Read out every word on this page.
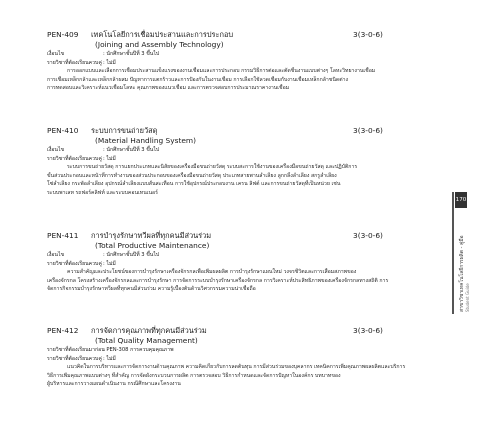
PEN-409 เทคโนโลยีการเชื่อมประสานและการประกอบ	3(3-0-6)
(Joining and Assembly Technology)
เงื่อนไข	: นักศึกษาชั้นปีที่ 3 ขึ้นไป
รายวิชาที่ต้องเรียนควบคู่ : ไม่มี

การออกแบบและเลือกการเชื่อมประสานแข็งแรงของงานเชื่อมและการประกอบ กรรมวิธีการต่อและตัดชิ้นงานแบบต่างๆ โลหะวิทยางานเชื่อม

การเชื่อมเหล็กกล้าและเหล็กกล้าผสม ปัญหาการแตกร้าวและการป้องกันในงานเชื่อม การเลือกใช้ลวดเชื่อมกับงานเชื่อมเหล็กกล้าชนิดต่าง

การทดสอบและวิเคราะห์แนวเชื่อมโลหะ คุณภาพของแนวเชื่อม และการตรวจสอบการประมาณราคางานเชื่อม

PEN-410 ระบบการขนถ่ายวัสดุ	3(3-0-6)
(Material Handling System)
เงื่อนไข	: นักศึกษาชั้นปีที่ 3 ขึ้นไป
รายวิชาที่ต้องเรียนควบคู่ : ไม่มี

ระบบการขนถ่ายวัสดุ การแยกประเภทและนิสัยของเครื่องมือขนถ่ายวัสดุ ระบบสะการใช้งานของเครื่องมือขนถ่ายวัสดุ และปฏิบัติการ

ขั้นส่วนประกอบและหน้าที่การทำงานของส่วนประกอบของเครื่องมือขนถ่ายวัสดุ ประเภทสายพานลำเลียง ลูกกลิ้งลำเลียง สกรูลำเลียง

โซ่ลำเลียง กระพ้อลำเลียง อุปกรณ์ลำเลียงแบบสั่นสะเทือน การใช้อุปกรณ์ประกอบงาน เครน ลิฟต์ และการขนถ่ายวัสดุที่เป็นหน่วย เช่น

ระบบพาเลท รถฟอร์คลิฟท์ และระบบคอนเทนเนอร์

PEN-411 การบำรุงรักษาทวีผลที่ทุกคนมีส่วนร่วม	3(3-0-6)
(Total Productive Maintenance)
เงื่อนไข	: นักศึกษาชั้นปีที่ 3 ขึ้นไป
รายวิชาที่ต้องเรียนควบคู่ : ไม่มี

ความสำคัญและประโยชน์ของการบำรุงรักษาเครื่องจักรกลเพื่อเพิ่มผลผลิต การบำรุงรักษาแผนใหม่ วงจรชีวิตและการเสื่อมสภาพของ

เครื่องจักรกล โครงสร้างเครื่องจักรกลและการบำรุงรักษา การจัดการระบบบำรุงรักษาเครื่องจักรกล การวิเคราะห์ประสิทธิภาพของเครื่องจักรกลทางสถิติ การ

จัดการกิจกรรมบำรุงรักษาทวีผลที่ทุกคนมีส่วนร่วม ความรู้เบื้องต้นด้านวิศวกรรมความน่าเชื่อถือ

PEN-412 การจัดการคุณภาพที่ทุกคนมีส่วนร่วม	3(3-0-6)
(Total Quality Management)
รายวิชาที่ต้องเรียนมาก่อน
: PEN-308 การควบคุมคุณภาพ
รายวิชาที่ต้องเรียนควบคู่ : ไม่มี

แนวคิดในการบริหารและการจัดการงานด้านคุณภาพ ความคิดเกี่ยวกับการลดต้นทุน การมีส่วนร่วมของบุคลากร เทคนิคการเพิ่มคุณภาพผลผลิตและบริการ

วิธีการเพิ่มคุณภาพแบบต่างๆ ที่สำคัญ การจัดผังกระบวนการผลิต การตรวจสอบ วิธีการกำหนดและจัดการปัญหาในองค์กร บทบาทของ

ผู้บริหารและการวางแผนดำเนินงาน กรณีศึกษาและโครงงาน

170
สาขาวิชาเทคโนโลยีการผลิต - คู่มือ Student Guide
